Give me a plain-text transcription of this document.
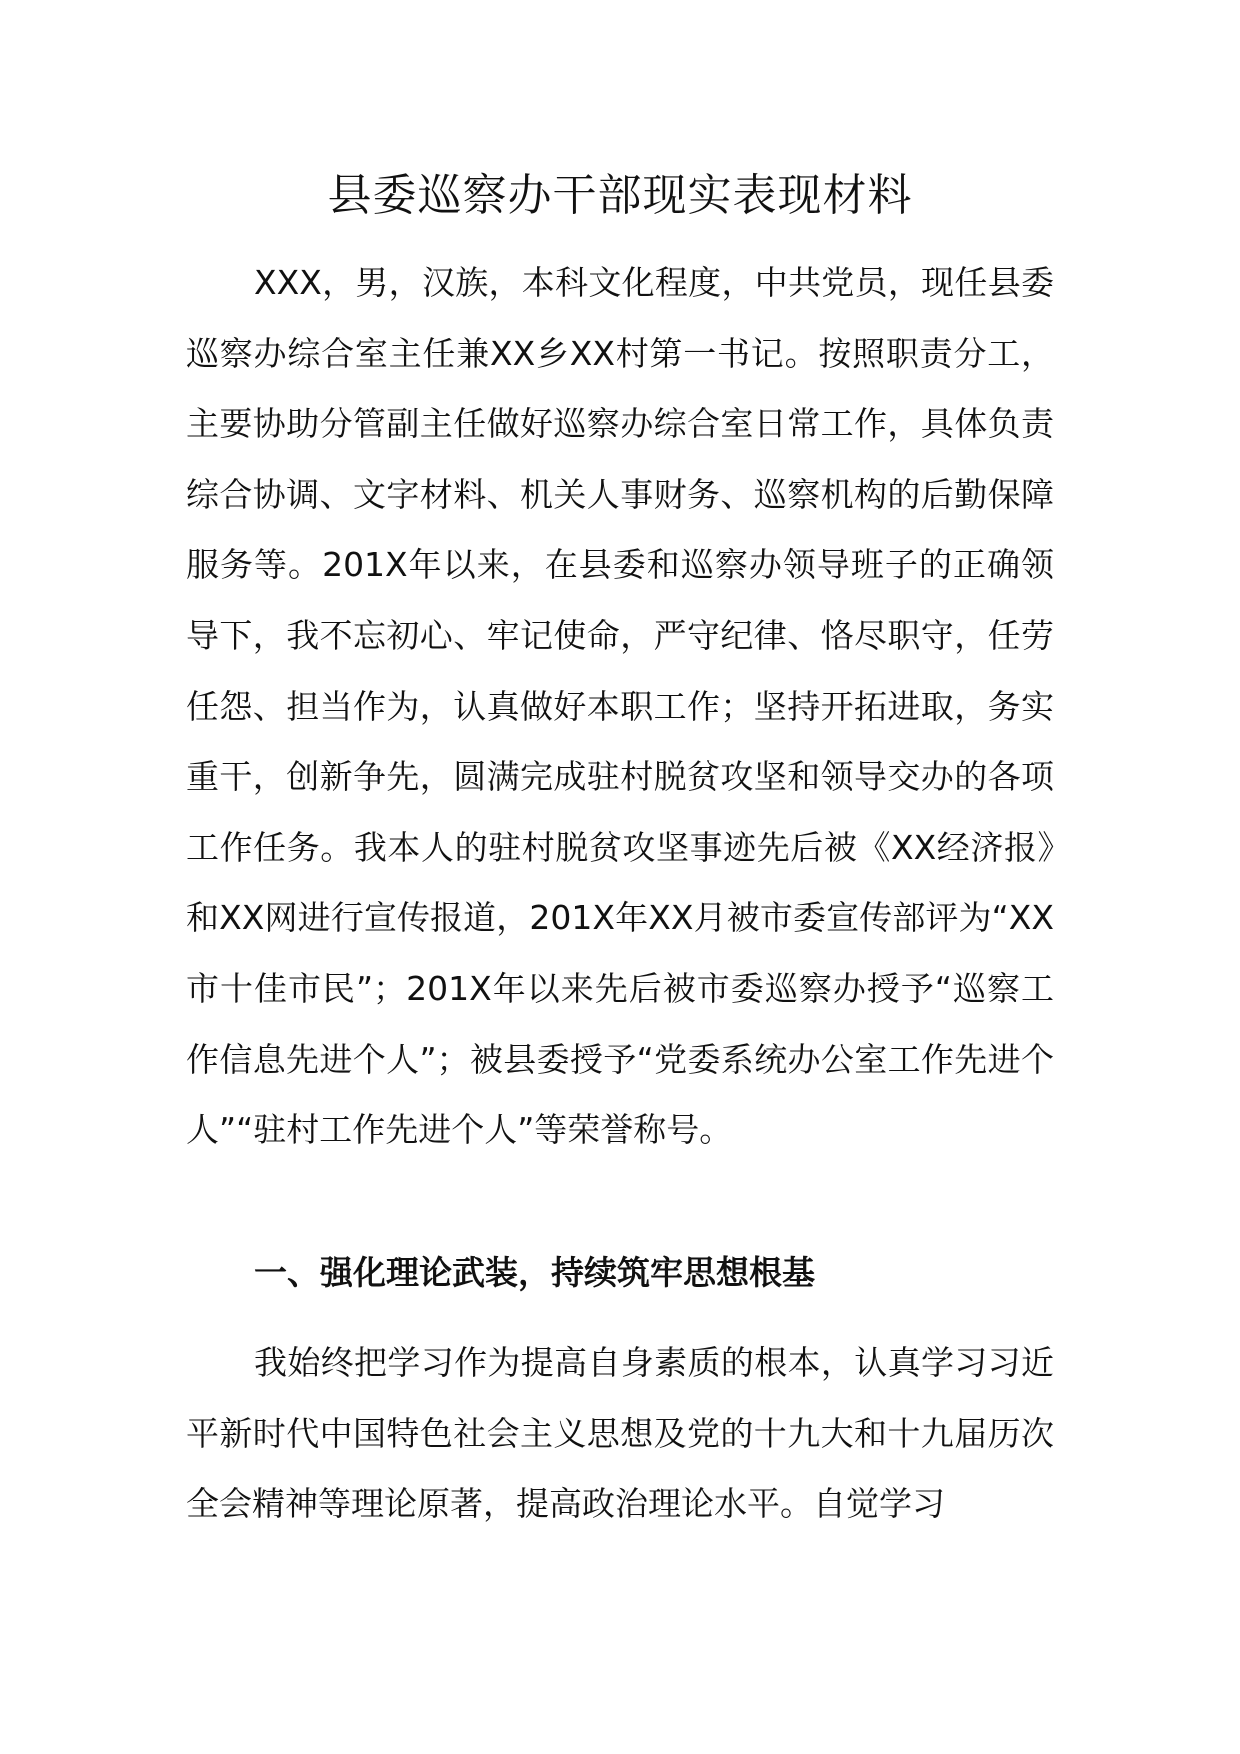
县委巡察办干部现实表现材料

XXX，男，汉族，本科文化程度，中共党员，现任县委巡察办综合室主任兼XX乡XX村第一书记。按照职责分工，主要协助分管副主任做好巡察办综合室日常工作，具体负责综合协调、文字材料、机关人事财务、巡察机构的后勤保障服务等。201X年以来，在县委和巡察办领导班子的正确领导下，我不忘初心、牢记使命，严守纪律、恪尽职守，任劳任怨、担当作为，认真做好本职工作；坚持开拓进取，务实重干，创新争先，圆满完成驻村脱贫攻坚和领导交办的各项工作任务。我本人的驻村脱贫攻坚事迹先后被《XX经济报》和XX网进行宣传报道，201X年XX月被市委宣传部评为“XX市十佳市民”；201X年以来先后被市委巡察办授予“巡察工作信息先进个人”；被县委授予“党委系统办公室工作先进个人”“驻村工作先进个人”等荣誉称号。

一、强化理论武装，持续筑牢思想根基

我始终把学习作为提高自身素质的根本，认真学习习近平新时代中国特色社会主义思想及党的十九大和十九届历次全会精神等理论原著，提高政治理论水平。自觉学习
